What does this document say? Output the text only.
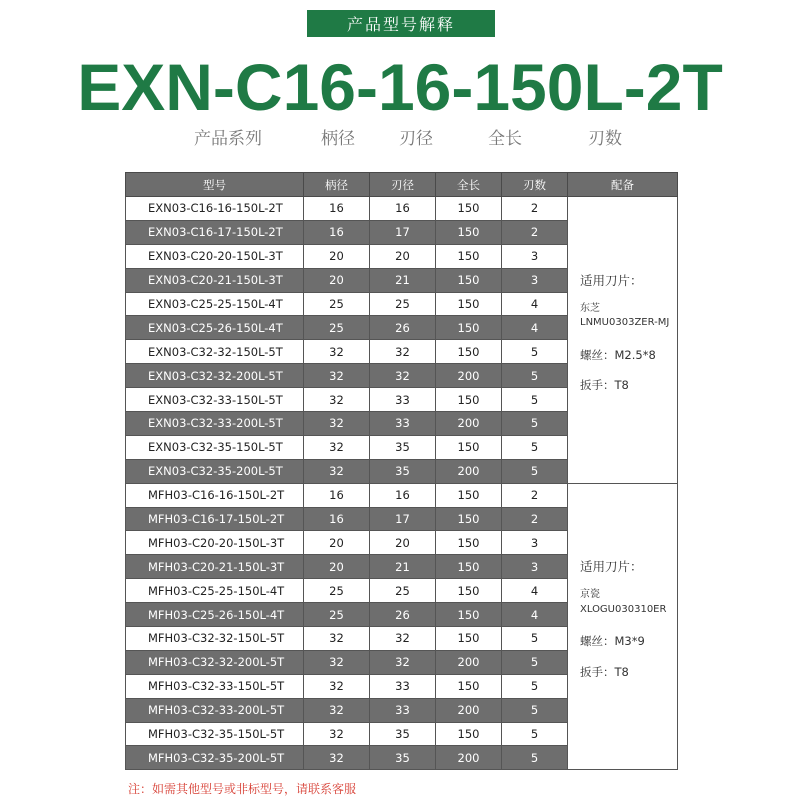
产品型号解释
EXN-C16-16-150L-2T
产品系列	柄径	刃径	全长	刃数
型号	柄径	刃径	全长	刃数	配备
EXN03-C16-16-150L-2T	16	16	150	2	适用刀片：
东芝
LNMU0303ZER-MJ
螺丝：M2.5*8
扳手：T8

EXN03-C16-17-150L-2T	16	17	150	2	
EXN03-C20-20-150L-3T	20	20	150	3	
EXN03-C20-21-150L-3T	20	21	150	3	
EXN03-C25-25-150L-4T	25	25	150	4	
EXN03-C25-26-150L-4T	25	26	150	4	
EXN03-C32-32-150L-5T	32	32	150	5	
EXN03-C32-32-200L-5T	32	32	200	5	
EXN03-C32-33-150L-5T	32	33	150	5	
EXN03-C32-33-200L-5T	32	33	200	5	
EXN03-C32-35-150L-5T	32	35	150	5	
EXN03-C32-35-200L-5T	32	35	200	5	
MFH03-C16-16-150L-2T	16	16	150	2	适用刀片：
京瓷
XLOGU030310ER
螺丝：M3*9
扳手：T8

MFH03-C16-17-150L-2T	16	17	150	2	
MFH03-C20-20-150L-3T	20	20	150	3	
MFH03-C20-21-150L-3T	20	21	150	3	
MFH03-C25-25-150L-4T	25	25	150	4	
MFH03-C25-26-150L-4T	25	26	150	4	
MFH03-C32-32-150L-5T	32	32	150	5	
MFH03-C32-32-200L-5T	32	32	200	5	
MFH03-C32-33-150L-5T	32	33	150	5	
MFH03-C32-33-200L-5T	32	33	200	5	
MFH03-C32-35-150L-5T	32	35	150	5	
MFH03-C32-35-200L-5T	32	35	200	5	
注：如需其他型号或非标型号，请联系客服
